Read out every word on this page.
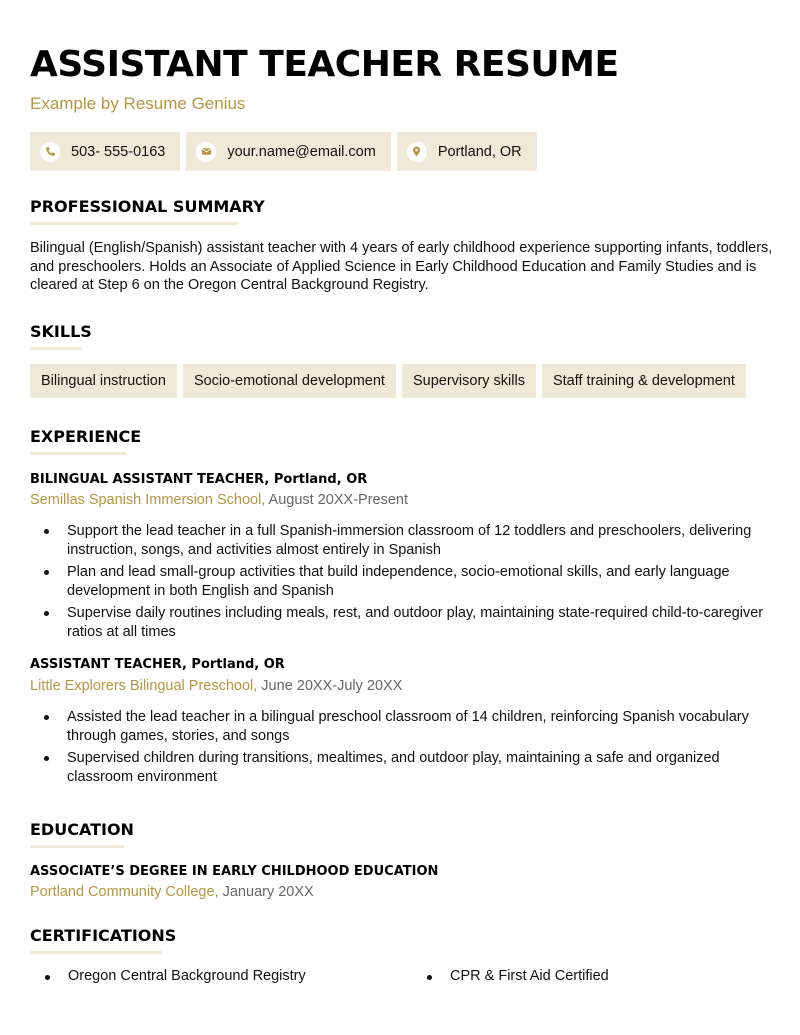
ASSISTANT TEACHER RESUME
Example by Resume Genius
503- 555-0163	your.name@email.com	Portland, OR
PROFESSIONAL SUMMARY

Bilingual (English/Spanish) assistant teacher with 4 years of early childhood experience supporting infants, toddlers, and preschoolers. Holds an Associate of Applied Science in Early Childhood Education and Family Studies and is cleared at Step 6 on the Oregon Central Background Registry.

SKILLS
Bilingual instruction	Socio-emotional development	Supervisory skills	Staff training & development
EXPERIENCE
BILINGUAL ASSISTANT TEACHER, Portland, OR
Semillas Spanish Immersion School, August 20XX-Present
Support the lead teacher in a full Spanish-immersion classroom of 12 toddlers and preschoolers, delivering instruction, songs, and activities almost entirely in Spanish
Plan and lead small-group activities that build independence, socio-emotional skills, and early language development in both English and Spanish
Supervise daily routines including meals, rest, and outdoor play, maintaining state-required child-to-caregiver ratios at all times
ASSISTANT TEACHER, Portland, OR
Little Explorers Bilingual Preschool, June 20XX-July 20XX
Assisted the lead teacher in a bilingual preschool classroom of 14 children, reinforcing Spanish vocabulary through games, stories, and songs
Supervised children during transitions, mealtimes, and outdoor play, maintaining a safe and organized classroom environment
EDUCATION
ASSOCIATE’S DEGREE IN EARLY CHILDHOOD EDUCATION
Portland Community College, January 20XX
CERTIFICATIONS
Oregon Central Background Registry	CPR & First Aid Certified
